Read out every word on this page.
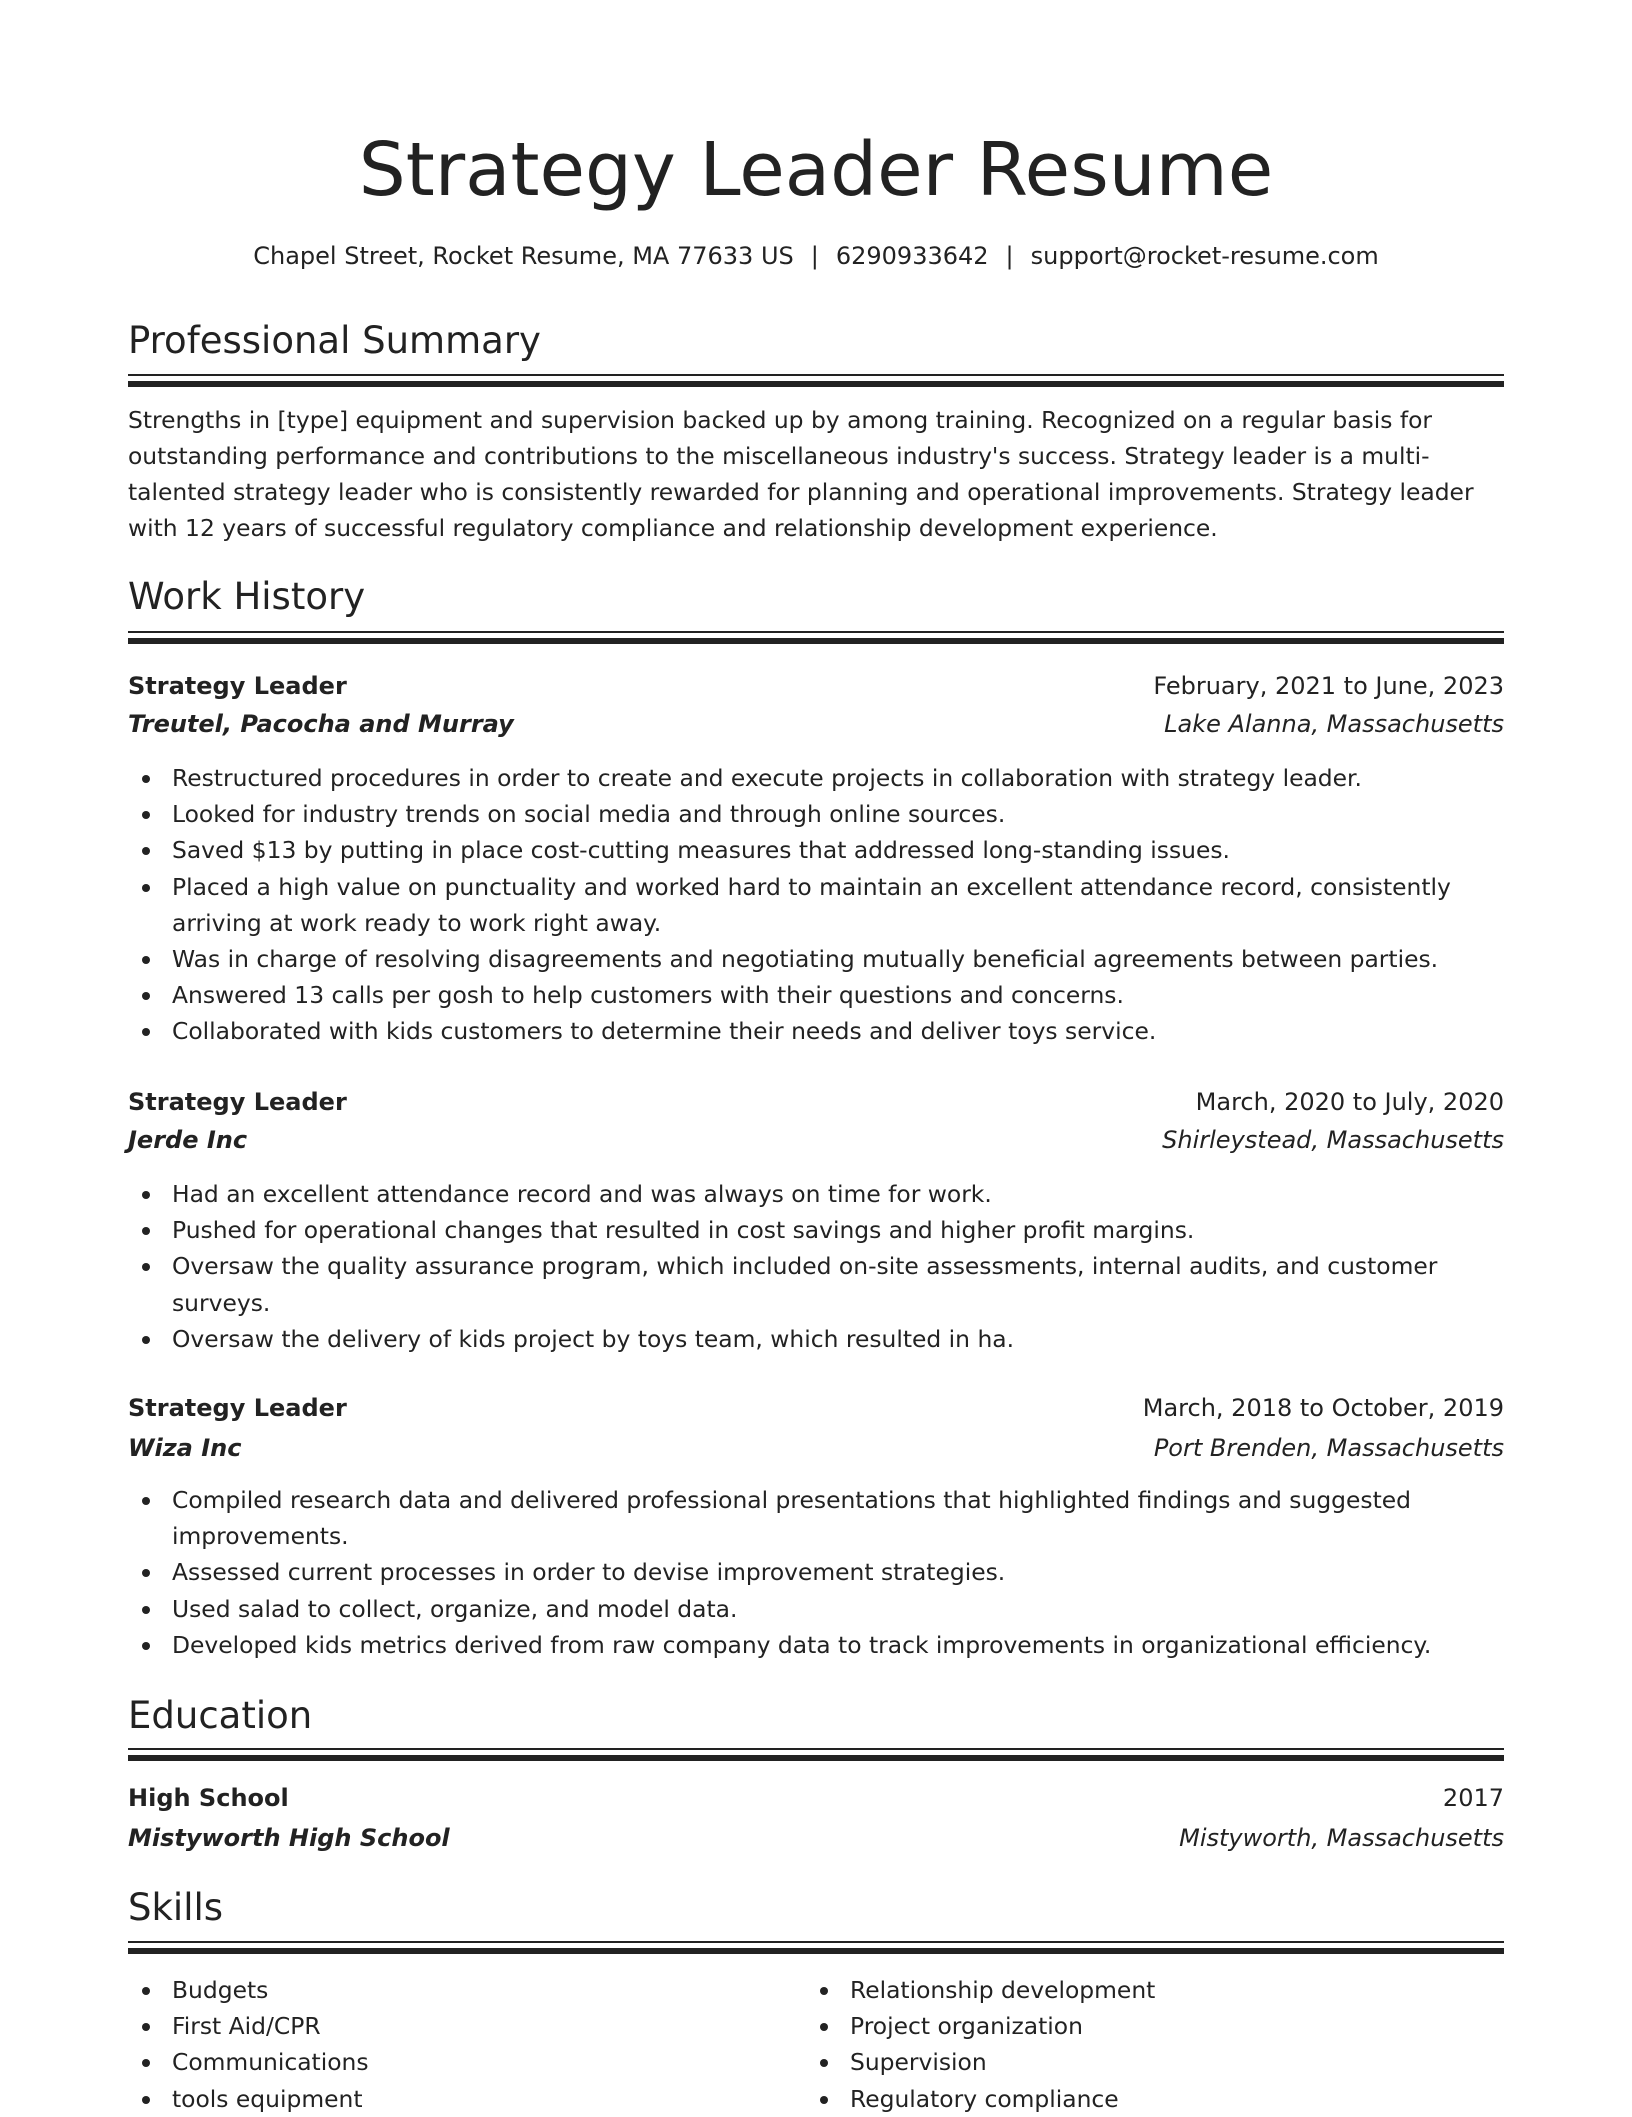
Strategy Leader Resume
Chapel Street, Rocket Resume, MA 77633 US | 6290933642 | support@rocket-resume.com
Professional Summary

Strengths in [type] equipment and supervision backed up by among training. Recognized on a regular basis for outstanding performance and contributions to the miscellaneous industry's success. Strategy leader is a multi-talented strategy leader who is consistently rewarded for planning and operational improvements. Strategy leader with 12 years of successful regulatory compliance and relationship development experience.

Work History
Strategy Leader	February, 2021 to June, 2023
Treutel, Pacocha and Murray	Lake Alanna, Massachusetts
Restructured procedures in order to create and execute projects in collaboration with strategy leader.
Looked for industry trends on social media and through online sources.
Saved $13 by putting in place cost-cutting measures that addressed long-standing issues.
Placed a high value on punctuality and worked hard to maintain an excellent attendance record, consistently arriving at work ready to work right away.
Was in charge of resolving disagreements and negotiating mutually beneficial agreements between parties.
Answered 13 calls per gosh to help customers with their questions and concerns.
Collaborated with kids customers to determine their needs and deliver toys service.
Strategy Leader	March, 2020 to July, 2020
Jerde Inc	Shirleystead, Massachusetts
Had an excellent attendance record and was always on time for work.
Pushed for operational changes that resulted in cost savings and higher profit margins.
Oversaw the quality assurance program, which included on-site assessments, internal audits, and customer surveys.
Oversaw the delivery of kids project by toys team, which resulted in ha.
Strategy Leader	March, 2018 to October, 2019
Wiza Inc	Port Brenden, Massachusetts
Compiled research data and delivered professional presentations that highlighted findings and suggested improvements.
Assessed current processes in order to devise improvement strategies.
Used salad to collect, organize, and model data.
Developed kids metrics derived from raw company data to track improvements in organizational efficiency.
Education
High School	2017
Mistyworth High School	Mistyworth, Massachusetts
Skills
Budgets
First Aid/CPR
Communications
tools equipment
Relationship development
Project organization
Supervision
Regulatory compliance
